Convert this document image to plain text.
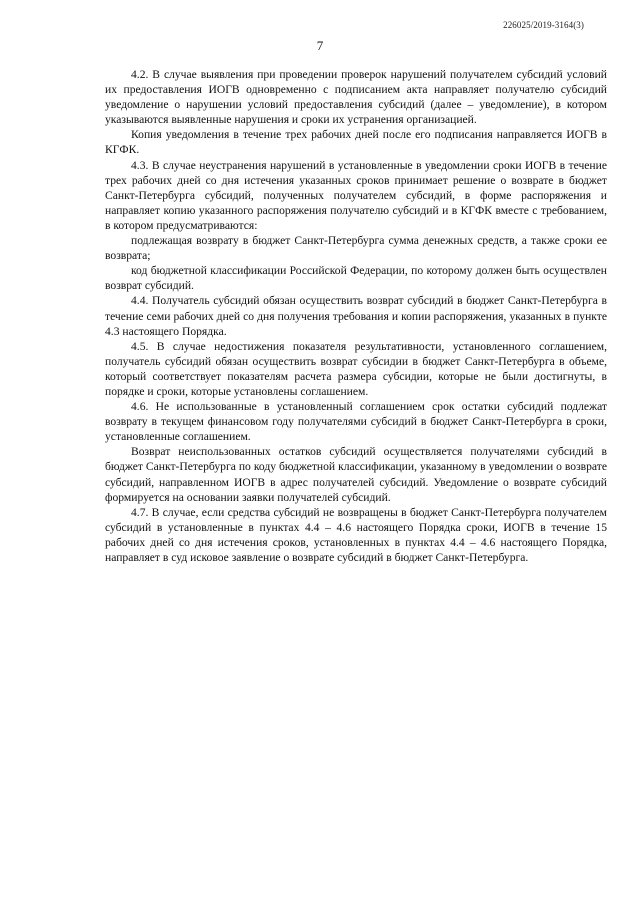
226025/2019-3164(3)
7

4.2. В случае выявления при проведении проверок нарушений получателем субсидий условий их предоставления ИОГВ одновременно с подписанием акта направляет получателю субсидий уведомление о нарушении условий предоставления субсидий (далее – уведомление), в котором указываются выявленные нарушения и сроки их устранения организацией.

Копия уведомления в течение трех рабочих дней после его подписания направляется ИОГВ в КГФК.

4.3. В случае неустранения нарушений в установленные в уведомлении сроки ИОГВ в течение трех рабочих дней со дня истечения указанных сроков принимает решение о возврате в бюджет Санкт-Петербурга субсидий, полученных получателем субсидий, в форме распоряжения и направляет копию указанного распоряжения получателю субсидий и в КГФК вместе с требованием, в котором предусматриваются:

подлежащая возврату в бюджет Санкт-Петербурга сумма денежных средств, а также сроки ее возврата;

код бюджетной классификации Российской Федерации, по которому должен быть осуществлен возврат субсидий.

4.4. Получатель субсидий обязан осуществить возврат субсидий в бюджет Санкт-Петербурга в течение семи рабочих дней со дня получения требования и копии распоряжения, указанных в пункте 4.3 настоящего Порядка.

4.5. В случае недостижения показателя результативности, установленного соглашением, получатель субсидий обязан осуществить возврат субсидии в бюджет Санкт-Петербурга в объеме, который соответствует показателям расчета размера субсидии, которые не были достигнуты, в порядке и сроки, которые установлены соглашением.

4.6. Не использованные в установленный соглашением срок остатки субсидий подлежат возврату в текущем финансовом году получателями субсидий в бюджет Санкт-Петербурга в сроки, установленные соглашением.

Возврат неиспользованных остатков субсидий осуществляется получателями субсидий в бюджет Санкт-Петербурга по коду бюджетной классификации, указанному в уведомлении о возврате субсидий, направленном ИОГВ в адрес получателей субсидий. Уведомление о возврате субсидий формируется на основании заявки получателей субсидий.

4.7. В случае, если средства субсидий не возвращены в бюджет Санкт-Петербурга получателем субсидий в установленные в пунктах 4.4 – 4.6 настоящего Порядка сроки, ИОГВ в течение 15 рабочих дней со дня истечения сроков, установленных в пунктах 4.4 – 4.6 настоящего Порядка, направляет в суд исковое заявление о возврате субсидий в бюджет Санкт-Петербурга.
